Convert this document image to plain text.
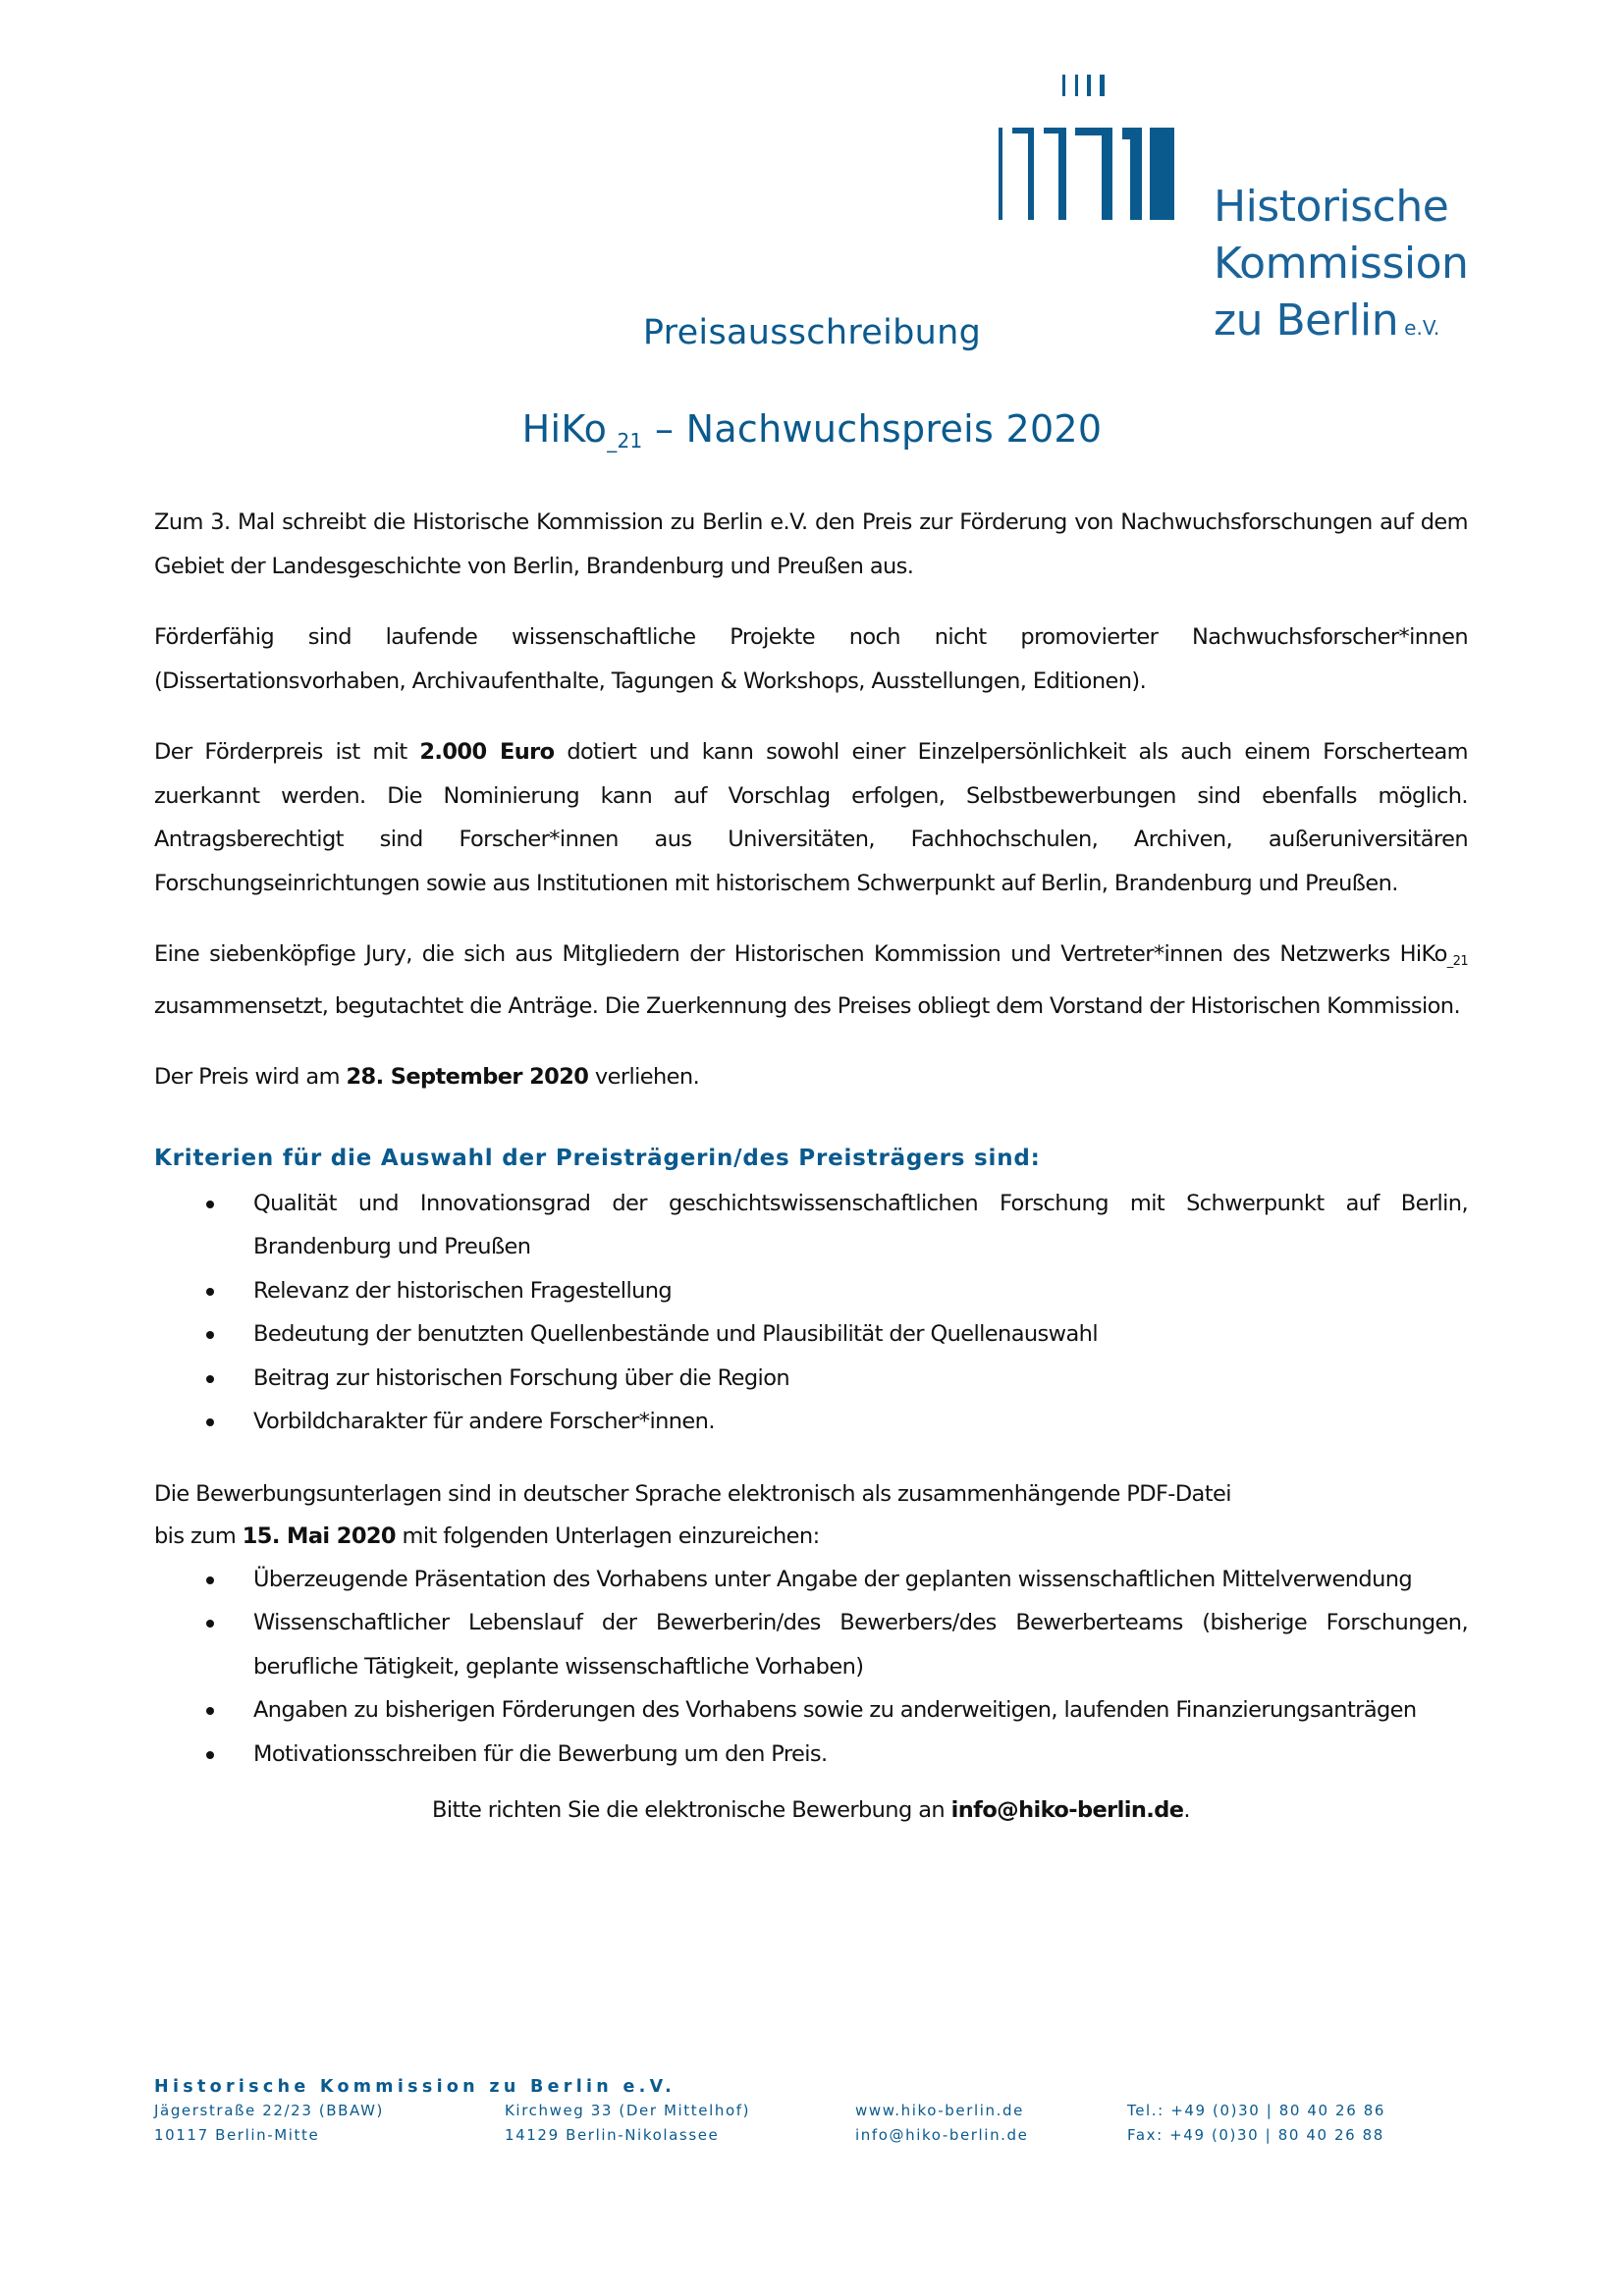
Historische
Kommission
zu Berlin e.V.
Preisausschreibung
HiKo$_{\_21}$ – Nachwuchspreis 2020

Zum 3. Mal schreibt die Historische Kommission zu Berlin e.V. den Preis zur Förderung von Nachwuchsforschungen auf dem Gebiet der Landesgeschichte von Berlin, Brandenburg und Preußen aus.

Förderfähig sind laufende wissenschaftliche Projekte noch nicht promovierter Nachwuchsforscher*innen (Dissertationsvorhaben, Archivaufenthalte, Tagungen & Workshops, Ausstellungen, Editionen).

Der Förderpreis ist mit 2.000 Euro dotiert und kann sowohl einer Einzelpersönlichkeit als auch einem Forscherteam zuerkannt werden. Die Nominierung kann auf Vorschlag erfolgen, Selbstbewerbungen sind ebenfalls möglich. Antragsberechtigt sind Forscher*innen aus Universitäten, Fachhochschulen, Archiven, außeruniversitären Forschungseinrichtungen sowie aus Institutionen mit historischem Schwerpunkt auf Berlin, Brandenburg und Preußen.

Eine siebenköpfige Jury, die sich aus Mitgliedern der Historischen Kommission und Vertreter*innen des Netzwerks HiKo$_{\_21}$ zusammensetzt, begutachtet die Anträge. Die Zuerkennung des Preises obliegt dem Vorstand der Historischen Kommission.

Der Preis wird am 28. September 2020 verliehen.

Kriterien für die Auswahl der Preisträgerin/des Preisträgers sind:
Qualität und Innovationsgrad der geschichtswissenschaftlichen Forschung mit Schwerpunkt auf Berlin, Brandenburg und Preußen
Relevanz der historischen Fragestellung
Bedeutung der benutzten Quellenbestände und Plausibilität der Quellenauswahl
Beitrag zur historischen Forschung über die Region
Vorbildcharakter für andere Forscher*innen.
Die Bewerbungsunterlagen sind in deutscher Sprache elektronisch als zusammenhängende PDF-Datei
bis zum 15. Mai 2020 mit folgenden Unterlagen einzureichen:
Überzeugende Präsentation des Vorhabens unter Angabe der geplanten wissenschaftlichen Mittelverwendung
Wissenschaftlicher Lebenslauf der Bewerberin/des Bewerbers/des Bewerberteams (bisherige Forschungen, berufliche Tätigkeit, geplante wissenschaftliche Vorhaben)
Angaben zu bisherigen Förderungen des Vorhabens sowie zu anderweitigen, laufenden Finanzierungsanträgen
Motivationsschreiben für die Bewerbung um den Preis.

Bitte richten Sie die elektronische Bewerbung an info@hiko-berlin.de.

Historische Kommission zu Berlin e.V.
Jägerstraße 22/23 (BBAW)	Kirchweg 33 (Der Mittelhof)	www.hiko-berlin.de	Tel.: +49 (0)30 | 80 40 26 86
10117 Berlin-Mitte	14129 Berlin-Nikolassee	info@hiko-berlin.de	Fax: +49 (0)30 | 80 40 26 88
